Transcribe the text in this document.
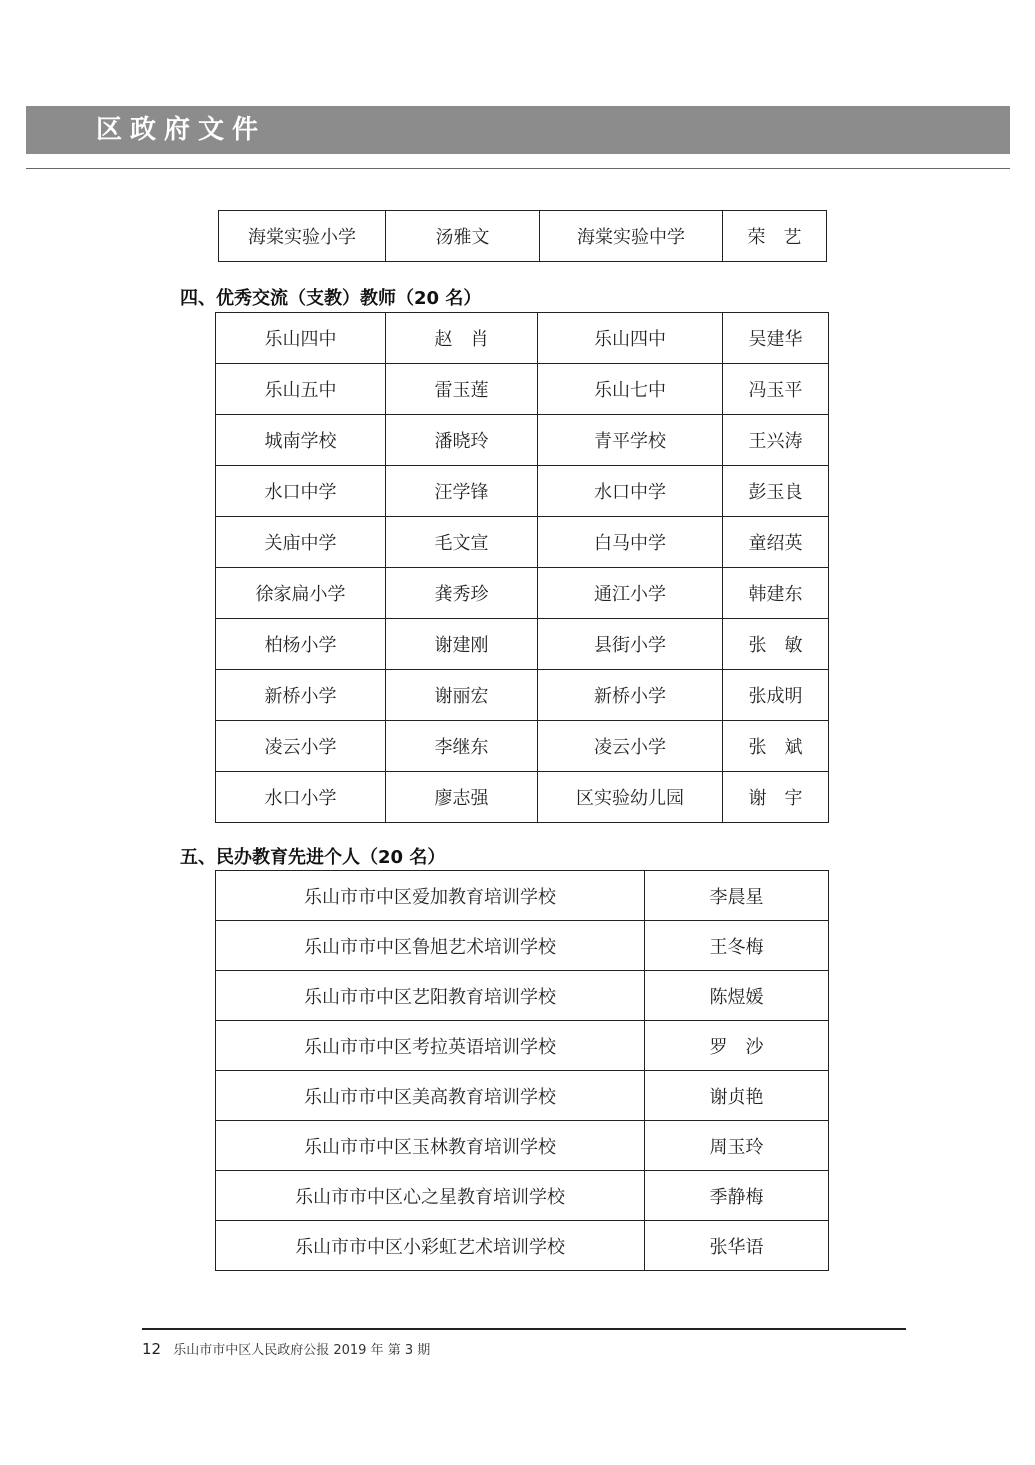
区政府文件
海棠实验小学	汤雅文	海棠实验中学	荣　艺
四、优秀交流（支教）教师（20 名）
乐山四中	赵　肖	乐山四中	吴建华
乐山五中	雷玉莲	乐山七中	冯玉平
城南学校	潘晓玲	青平学校	王兴涛
水口中学	汪学锋	水口中学	彭玉良
关庙中学	毛文宣	白马中学	童绍英
徐家扁小学	龚秀珍	通江小学	韩建东
柏杨小学	谢建刚	县街小学	张　敏
新桥小学	谢丽宏	新桥小学	张成明
凌云小学	李继东	凌云小学	张　斌
水口小学	廖志强	区实验幼儿园	谢　宇
五、民办教育先进个人（20 名）
乐山市市中区爱加教育培训学校	李晨星
乐山市市中区鲁旭艺术培训学校	王冬梅
乐山市市中区艺阳教育培训学校	陈煜媛
乐山市市中区考拉英语培训学校	罗　沙
乐山市市中区美高教育培训学校	谢贞艳
乐山市市中区玉林教育培训学校	周玉玲
乐山市市中区心之星教育培训学校	季静梅
乐山市市中区小彩虹艺术培训学校	张华语
12 乐山市市中区人民政府公报 2019 年 第 3 期
